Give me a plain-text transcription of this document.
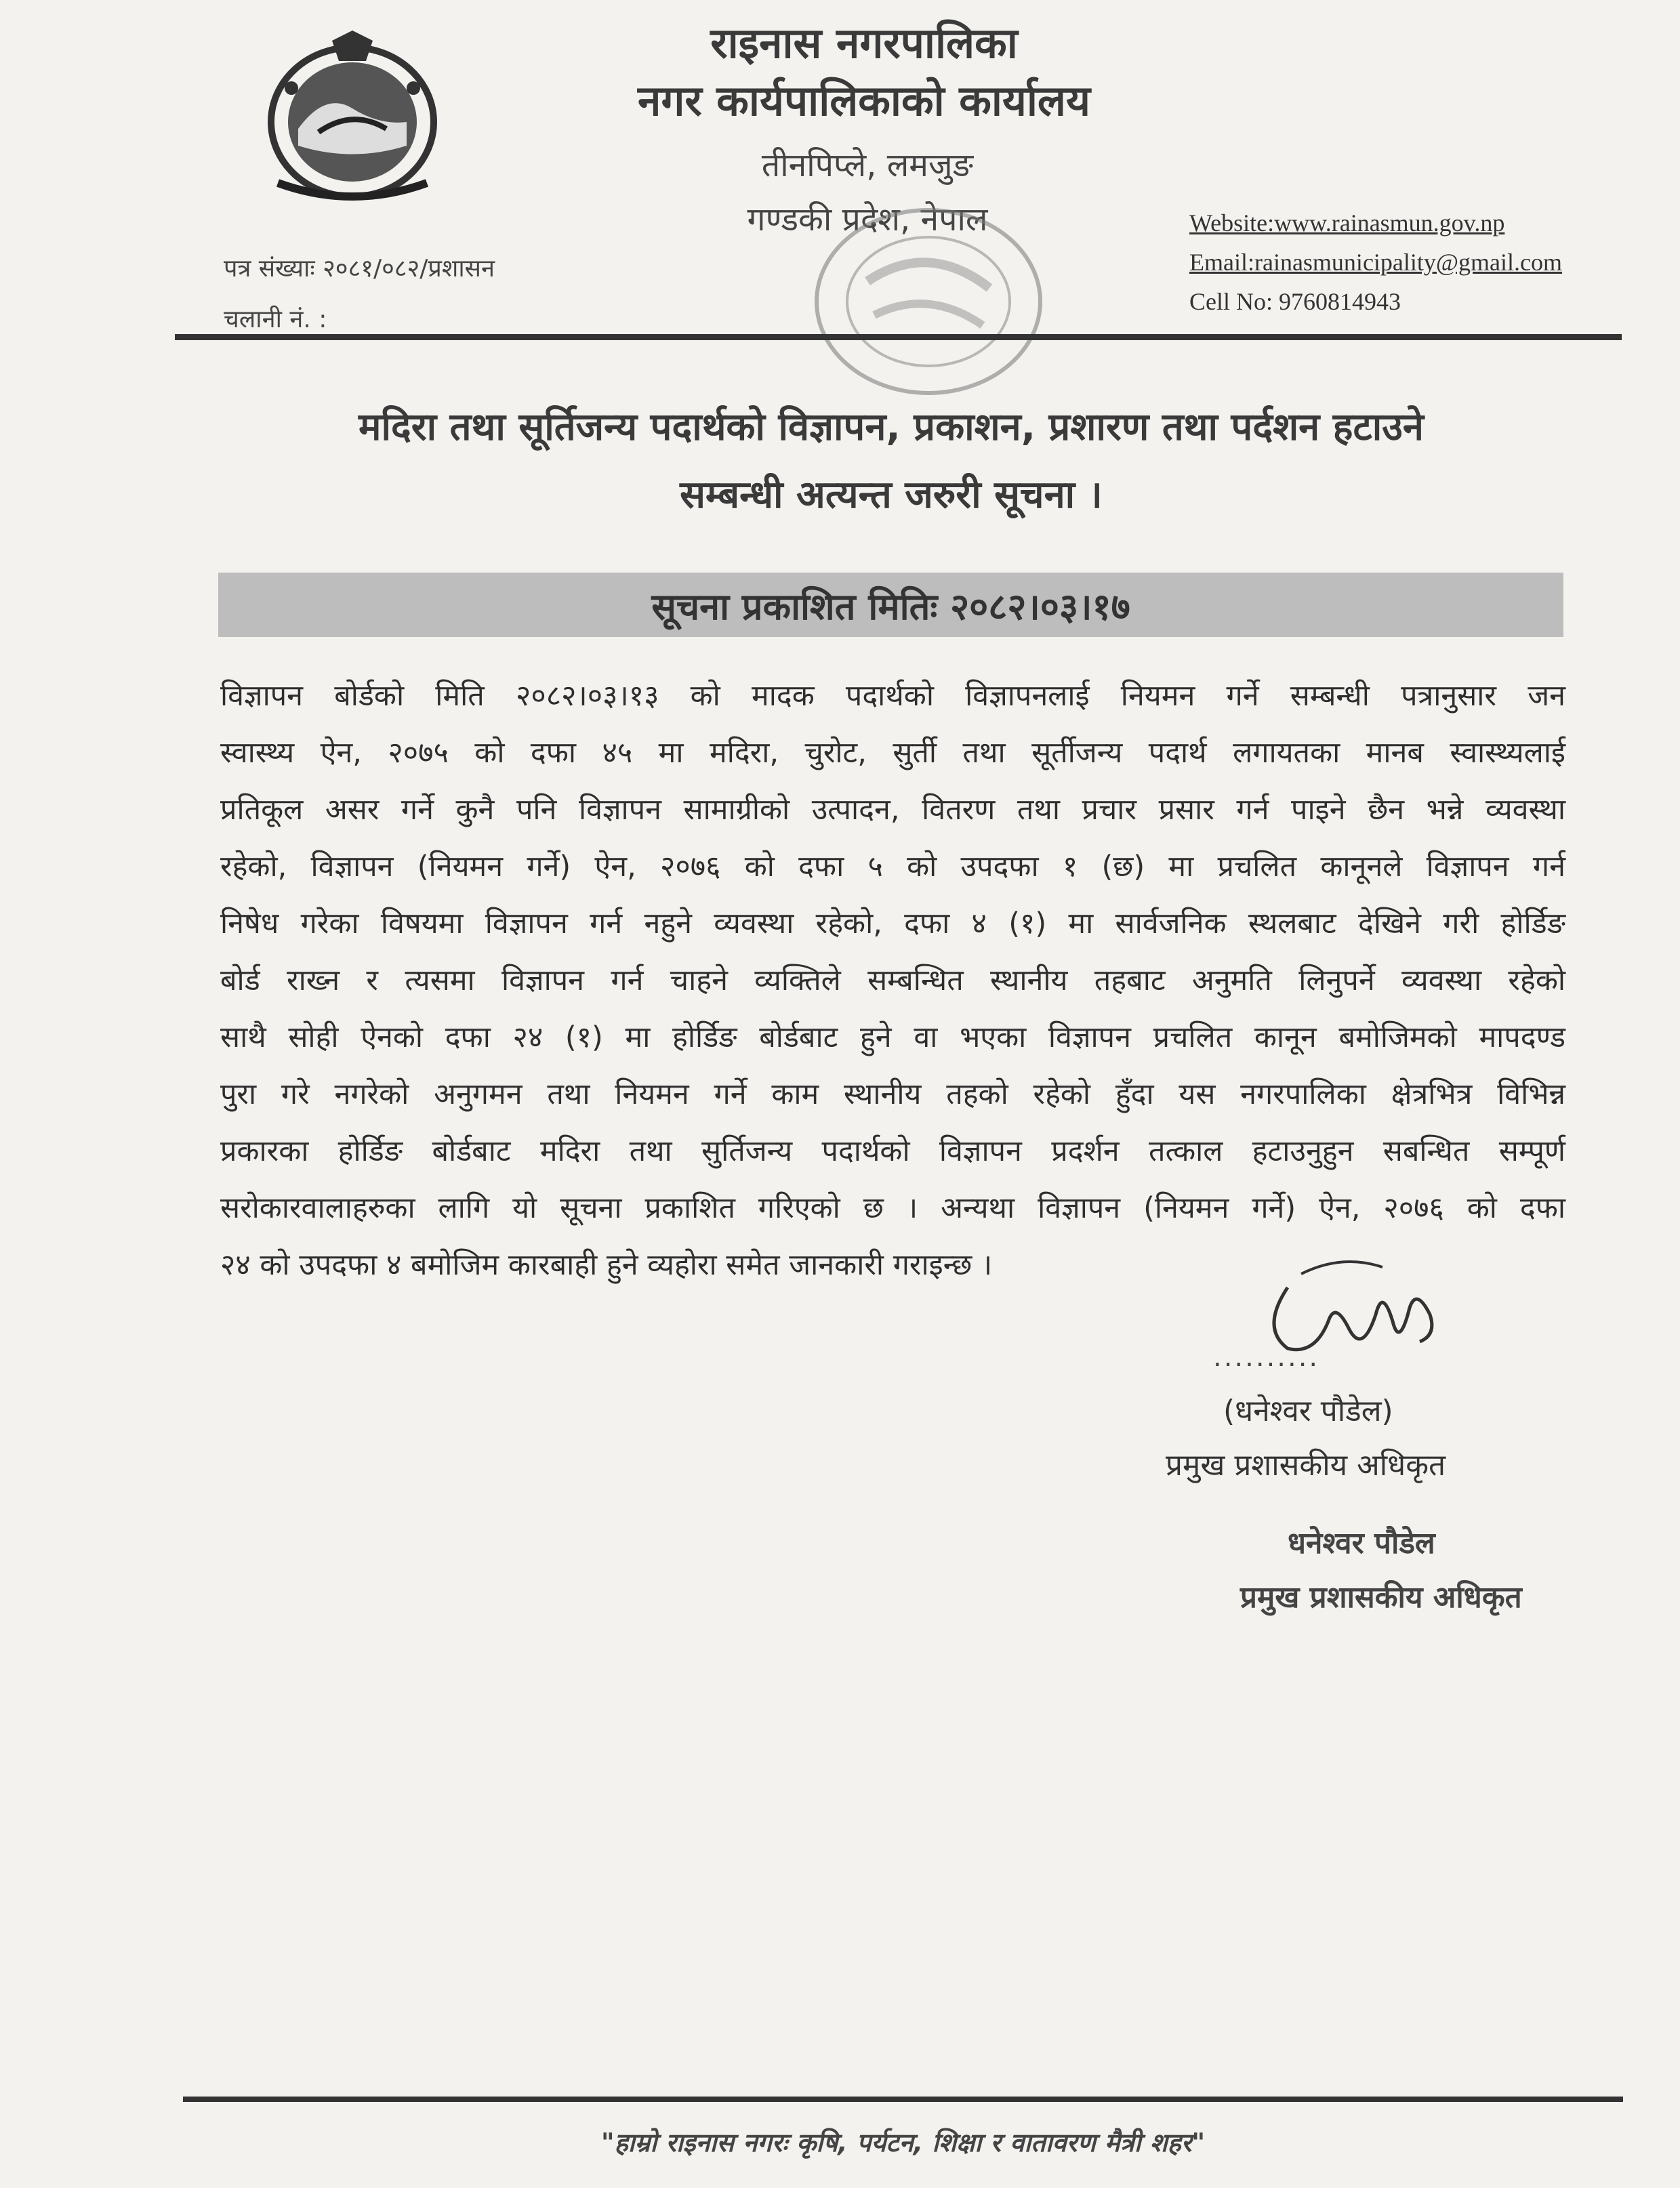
राइनास नगरपालिका
नगर कार्यपालिकाको कार्यालय
तीनपिप्ले, लमजुङ
गण्डकी प्रदेश, नेपाल	Website:www.rainasmun.gov.np
Email:rainasmunicipality@gmail.com
Cell No: 9760814943
पत्र संख्याः २०८१/०८२/प्रशासन
चलानी नं. :
मदिरा तथा सूर्तिजन्य पदार्थको विज्ञापन, प्रकाशन, प्रशारण तथा पर्दशन हटाउने
सम्बन्धी अत्यन्त जरुरी सूचना ।
सूचना प्रकाशित मितिः २०८२।०३।१७
विज्ञापन बोर्डको मिति २०८२।०३।१३ को मादक पदार्थको विज्ञापनलाई नियमन गर्ने सम्बन्धी पत्रानुसार जन
स्वास्थ्य ऐन, २०७५ को दफा ४५ मा मदिरा, चुरोट, सुर्ती तथा सूर्तीजन्य पदार्थ लगायतका मानब स्वास्थ्यलाई
प्रतिकूल असर गर्ने कुनै पनि विज्ञापन सामाग्रीको उत्पादन, वितरण तथा प्रचार प्रसार गर्न पाइने छैन भन्ने व्यवस्था
रहेको, विज्ञापन (नियमन गर्ने) ऐन, २०७६ को दफा ५ को उपदफा १ (छ) मा प्रचलित कानूनले विज्ञापन गर्न
निषेध गरेका विषयमा विज्ञापन गर्न नहुने व्यवस्था रहेको, दफा ४ (१) मा सार्वजनिक स्थलबाट देखिने गरी होर्डिङ
बोर्ड राख्न र त्यसमा विज्ञापन गर्न चाहने व्यक्तिले सम्बन्धित स्थानीय तहबाट अनुमति लिनुपर्ने व्यवस्था रहेको
साथै सोही ऐनको दफा २४ (१) मा होर्डिङ बोर्डबाट हुने वा भएका विज्ञापन प्रचलित कानून बमोजिमको मापदण्ड
पुरा गरे नगरेको अनुगमन तथा नियमन गर्ने काम स्थानीय तहको रहेको हुँदा यस नगरपालिका क्षेत्रभित्र विभिन्न
प्रकारका होर्डिङ बोर्डबाट मदिरा तथा सुर्तिजन्य पदार्थको विज्ञापन प्रदर्शन तत्काल हटाउनुहुन सबन्धित सम्पूर्ण
सरोकारवालाहरुका लागि यो सूचना प्रकाशित गरिएको छ । अन्यथा विज्ञापन (नियमन गर्ने) ऐन, २०७६ को दफा
२४ को उपदफा ४ बमोजिम कारबाही हुने व्यहोरा समेत जानकारी गराइन्छ ।
..........
(धनेश्वर पौडेल)
प्रमुख प्रशासकीय अधिकृत
धनेश्वर पौडेल
प्रमुख प्रशासकीय अधिकृत
"हाम्रो राइनास नगरः कृषि, पर्यटन, शिक्षा र वातावरण मैत्री शहर"
